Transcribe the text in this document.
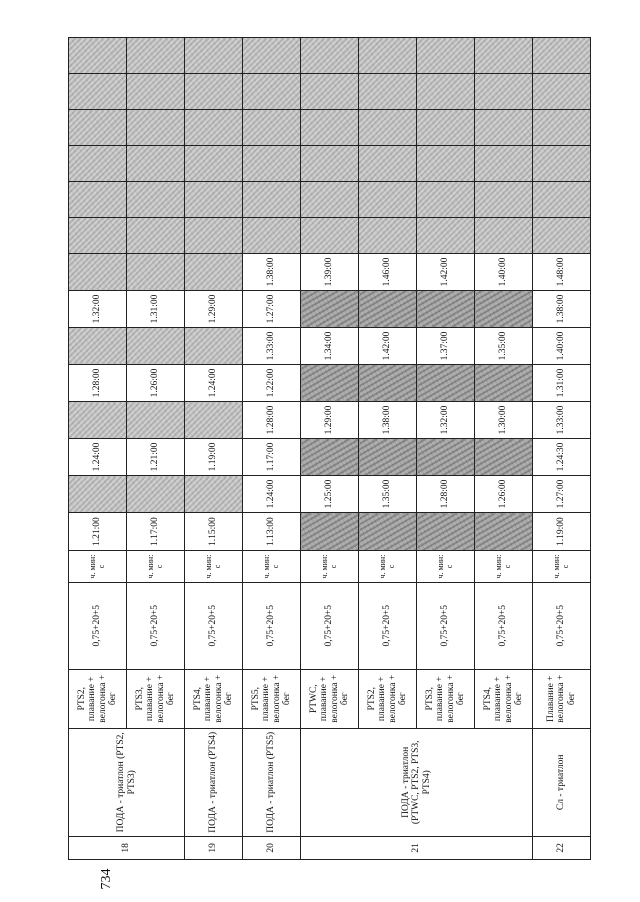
734
18	ПОДА - триатлон (PTS2, PTS3)	PTS2, плавание + велогонка + бег	0,75+20+5	ч. мин: с	1.21:00		1.24:00		1.28:00		1.32:00							
		PTS3, плавание + велогонка + бег	0,75+20+5	ч. мин: с	1.17:00		1.21:00		1.26:00		1.31:00							
19	ПОДА - триатлон (PTS4)	PTS4, плавание + велогонка + бег	0,75+20+5	ч. мин: с	1.15:00		1.19:00		1.24:00		1.29:00							
20	ПОДА - триатлон (PTS5)	PTS5, плавание + велогонка + бег	0,75+20+5	ч. мин: с	1.13:00	1.24:00	1.17:00	1.28:00	1.22:00	1.33:00	1.27:00	1.38:00						
21	ПОДА - триатлон (PTWC, PTS2, PTS3, PTS4)	PTWC, плавание + велогонка + бег	0,75+20+5	ч. мин: с		1.25:00		1.29:00		1.34:00		1.39:00						
		PTS2, плавание + велогонка + бег	0,75+20+5	ч. мин: с		1.35:00		1.38:00		1.42:00		1.46:00						
		PTS3, плавание + велогонка + бег	0,75+20+5	ч. мин: с		1.28:00		1.32:00		1.37:00		1.42:00						
		PTS4, плавание + велогонка + бег	0,75+20+5	ч. мин: с		1.26:00		1.30:00		1.35:00		1.40:00						
22	Сл - триатлон	Плавание + велогонка + бег	0,75+20+5	ч. мин: с	1.19:00	1.27:00	1.24:30	1.33:00	1.31:00	1.40:00	1.38:00	1.48:00						
